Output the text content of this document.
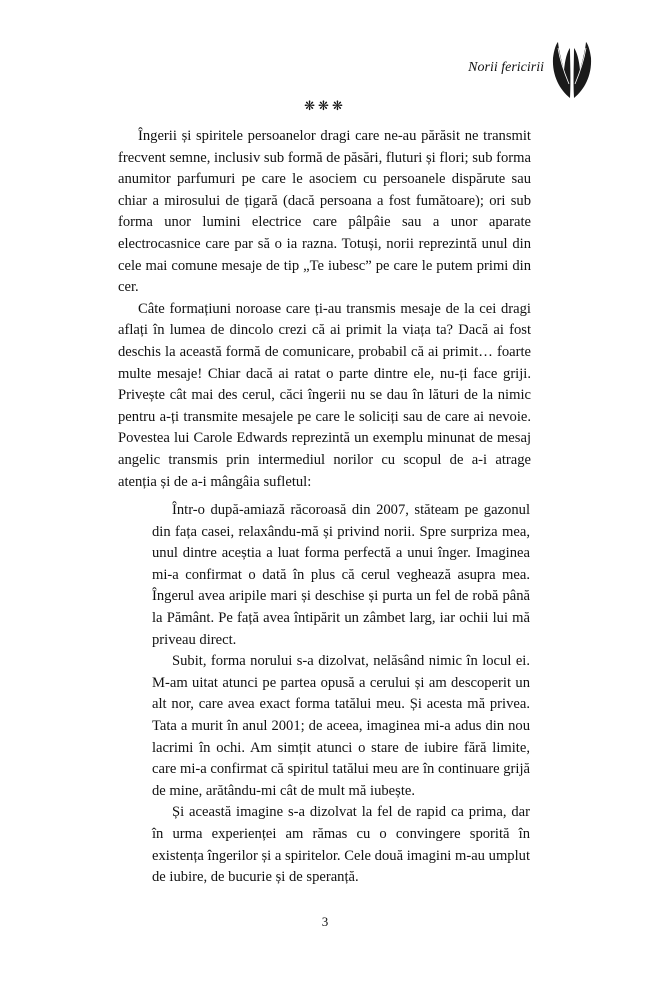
Norii fericirii
❋❋❋

Îngerii și spiritele persoanelor dragi care ne-au părăsit ne transmit frecvent semne, inclusiv sub formă de păsări, fluturi și flori; sub forma anumitor parfumuri pe care le asociem cu persoanele dispărute sau chiar a mirosului de țigară (dacă persoana a fost fumătoare); ori sub forma unor lumini electrice care pâlpâie sau a unor aparate electrocasnice care par să o ia razna. Totuși, norii reprezintă unul din cele mai comune mesaje de tip „Te iubesc” pe care le putem primi din cer.

Câte formațiuni noroase care ți-au transmis mesaje de la cei dragi aflați în lumea de dincolo crezi că ai primit la viața ta? Dacă ai fost deschis la această formă de comunicare, probabil că ai primit… foarte multe mesaje! Chiar dacă ai ratat o parte dintre ele, nu-ți face griji. Privește cât mai des cerul, căci îngerii nu se dau în lături de la nimic pentru a-ți transmite mesajele pe care le soliciți sau de care ai nevoie. Povestea lui Carole Edwards reprezintă un exemplu minunat de mesaj angelic transmis prin intermediul norilor cu scopul de a-i atrage atenția și de a-i mângâia sufletul:

Într-o după-amiază răcoroasă din 2007, stăteam pe gazonul din fața casei, relaxându-mă și privind norii. Spre surpriza mea, unul dintre aceștia a luat forma perfectă a unui înger. Imaginea mi-a confirmat o dată în plus că cerul veghează asupra mea. Îngerul avea aripile mari și deschise și purta un fel de robă până la Pământ. Pe față avea întipărit un zâmbet larg, iar ochii lui mă priveau direct.

Subit, forma norului s-a dizolvat, nelăsând nimic în locul ei. M-am uitat atunci pe partea opusă a cerului și am descoperit un alt nor, care avea exact forma tatălui meu. Și acesta mă privea. Tata a murit în anul 2001; de aceea, imaginea mi-a adus din nou lacrimi în ochi. Am simțit atunci o stare de iubire fără limite, care mi-a confirmat că spiritul tatălui meu are în continuare grijă de mine, arătându-mi cât de mult mă iubește.

Și această imagine s-a dizolvat la fel de rapid ca prima, dar în urma experienței am rămas cu o convingere sporită în existența îngerilor și a spiritelor. Cele două imagini m-au umplut de iubire, de bucurie și de speranță.

3
